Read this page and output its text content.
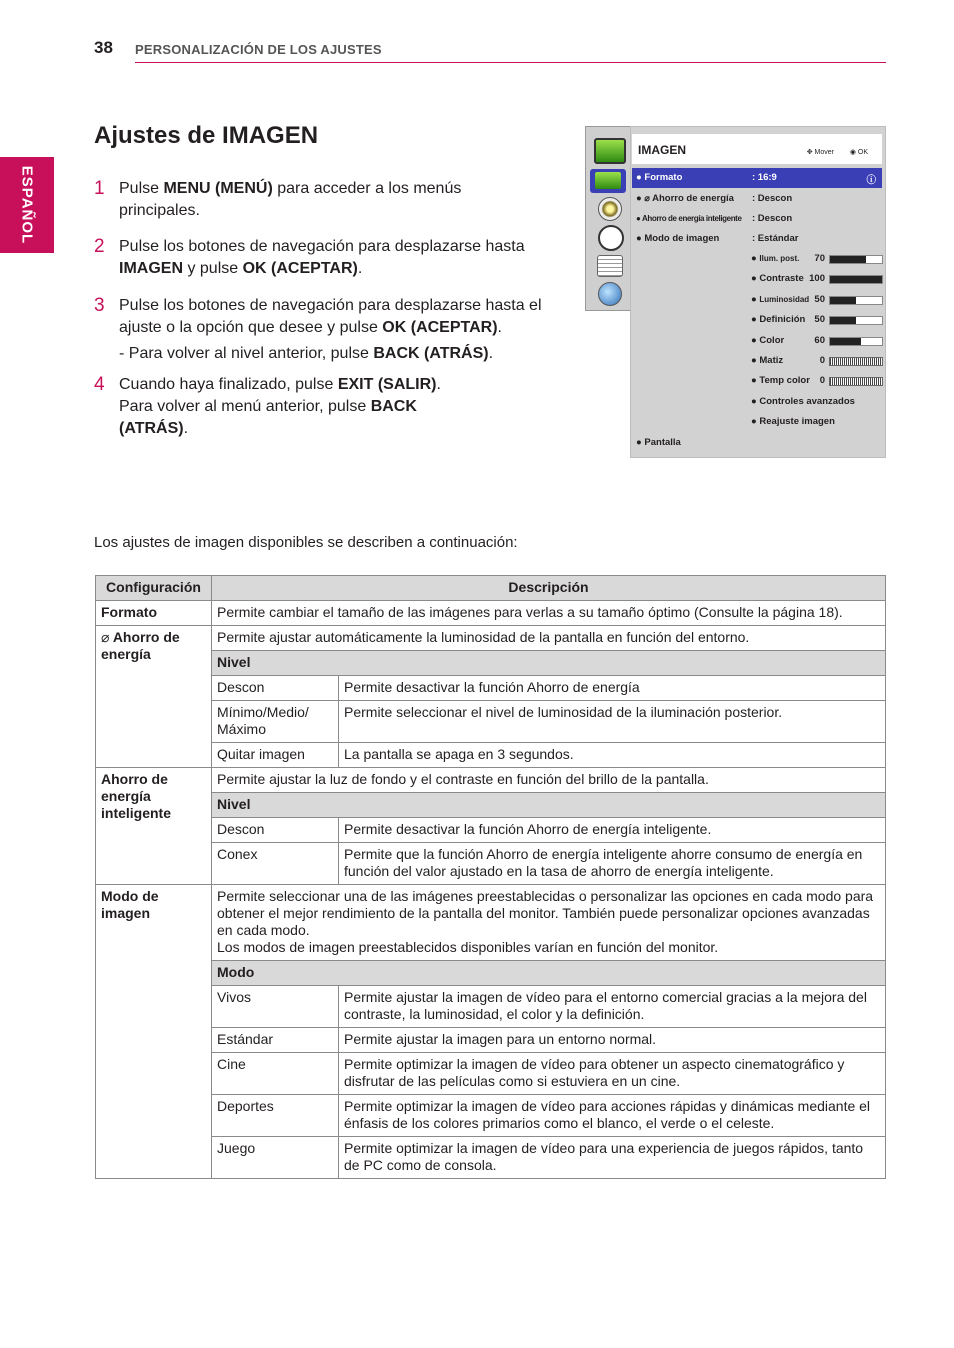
38 PERSONALIZACIÓN DE LOS AJUSTES
ESPAÑOL
Ajustes de IMAGEN
1 Pulse MENU (MENÚ) para acceder a los menús principales.
2 Pulse los botones de navegación para desplazarse hasta IMAGEN y pulse OK (ACEPTAR).
3 Pulse los botones de navegación para desplazarse hasta el ajuste o la opción que desee y pulse OK (ACEPTAR).
- Para volver al nivel anterior, pulse BACK (ATRÁS).
4 Cuando haya finalizado, pulse EXIT (SALIR).
Para volver al menú anterior, pulse BACK
(ATRÁS).
IMAGEN	✥ Mover ◉ OK
● Formato	: 16:9	ⓘ
● ⌀ Ahorro de energía : Descon
● Ahorro de energía inteligente : Descon
● Modo de imagen	: Estándar
● Ilum. post.	70
● Contraste 100
● Luminosidad 50
● Definición 50
● Color	60
● Matiz	0
● Temp color	0
● Controles avanzados
● Reajuste imagen
● Pantalla
Los ajustes de imagen disponibles se describen a continuación:
Configuración	Descripción	
Formato	Permite cambiar el tamaño de las imágenes para verlas a su tamaño óptimo (Consulte la página 18).	
⌀ Ahorro de energía	Permite ajustar automáticamente la luminosidad de la pantalla en función del entorno.	
	Nivel	
	Descon	Permite desactivar la función Ahorro de energía
	Mínimo/Medio/ Máximo	Permite seleccionar el nivel de luminosidad de la iluminación posterior.
	Quitar imagen	La pantalla se apaga en 3 segundos.
Ahorro de energía inteligente	Permite ajustar la luz de fondo y el contraste en función del brillo de la pantalla.	
	Nivel	
	Descon	Permite desactivar la función Ahorro de energía inteligente.
	Conex	Permite que la función Ahorro de energía inteligente ahorre consumo de energía en función del valor ajustado en la tasa de ahorro de energía inteligente.
Modo de imagen	Permite seleccionar una de las imágenes preestablecidas o personalizar las opciones en cada modo para obtener el mejor rendimiento de la pantalla del monitor. También puede personalizar opciones avanzadas en cada modo.
Los modos de imagen preestablecidos disponibles varían en función del monitor.	
	Modo	
	Vivos	Permite ajustar la imagen de vídeo para el entorno comercial gracias a la mejora del contraste, la luminosidad, el color y la definición.
	Estándar	Permite ajustar la imagen para un entorno normal.
	Cine	Permite optimizar la imagen de vídeo para obtener un aspecto cinematográfico y disfrutar de las películas como si estuviera en un cine.
	Deportes	Permite optimizar la imagen de vídeo para acciones rápidas y dinámicas mediante el énfasis de los colores primarios como el blanco, el verde o el celeste.
	Juego	Permite optimizar la imagen de vídeo para una experiencia de juegos rápidos, tanto de PC como de consola.
